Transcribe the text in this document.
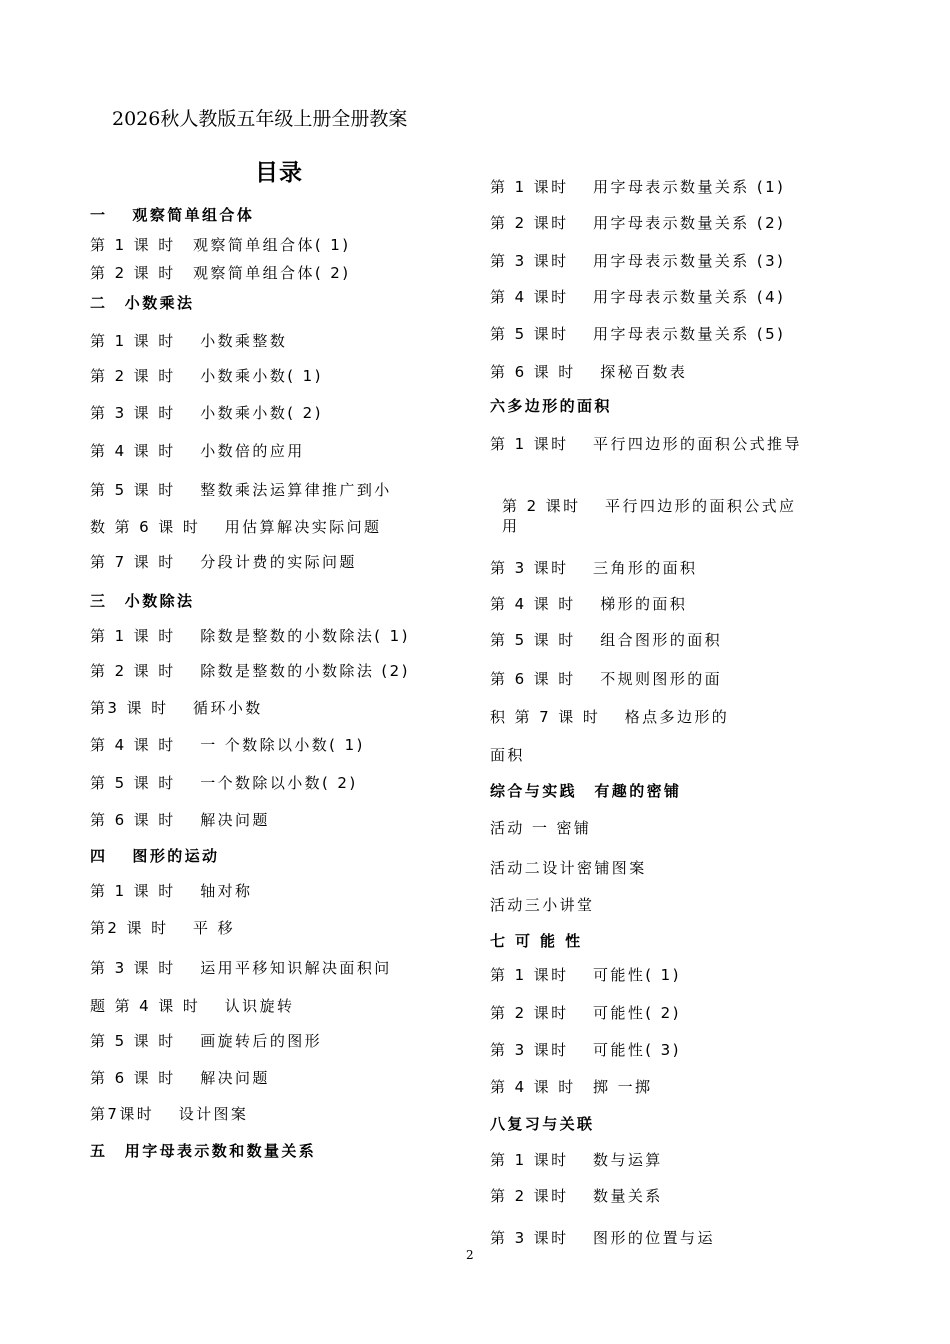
2026秋人教版五年级上册全册教案
目录
一　 观察简单组合体
第 1 课 时　观察简单组合体( 1)
第 2 课 时　观察简单组合体( 2)
二　小数乘法
第 1 课 时　 小数乘整数
第 2 课 时　 小数乘小数( 1)
第 3 课 时　 小数乘小数( 2)
第 4 课 时　 小数倍的应用
第 5 课 时　 整数乘法运算律推广到小
数 第 6 课 时　 用估算解决实际问题
第 7 课 时　 分段计费的实际问题
三　小数除法
第 1 课 时　 除数是整数的小数除法( 1)
第 2 课 时　 除数是整数的小数除法 (2)
第3 课 时　 循环小数
第 4 课 时　 一 个数除以小数( 1)
第 5 课 时　 一个数除以小数( 2)
第 6 课 时　 解决问题
四　 图形的运动
第 1 课 时　 轴对称
第2 课 时　 平 移
第 3 课 时　 运用平移知识解决面积问
题 第 4 课 时　 认识旋转
第 5 课 时　 画旋转后的图形
第 6 课 时　 解决问题
第7课时　 设计图案
五　用字母表示数和数量关系
第 1 课时　 用字母表示数量关系 (1)
第 2 课时　 用字母表示数量关系 (2)
第 3 课时　 用字母表示数量关系 (3)
第 4 课时　 用字母表示数量关系 (4)
第 5 课时　 用字母表示数量关系 (5)
第 6 课 时　 探秘百数表
六多边形的面积
第 1 课时　 平行四边形的面积公式推导
第 2 课时　 平行四边形的面积公式应用
第 3 课时　 三角形的面积
第 4 课 时　 梯形的面积
第 5 课 时　 组合图形的面积
第 6 课 时　 不规则图形的面
积 第 7 课 时　 格点多边形的
面积
综合与实践　有趣的密铺
活动 一 密铺
活动二设计密铺图案
活动三小讲堂
七 可 能 性
第 1 课时　 可能性( 1)
第 2 课时　 可能性( 2)
第 3 课时　 可能性( 3)
第 4 课 时　掷 一掷
八复习与关联
第 1 课时　 数与运算
第 2 课时　 数量关系
第 3 课时　 图形的位置与运
2
